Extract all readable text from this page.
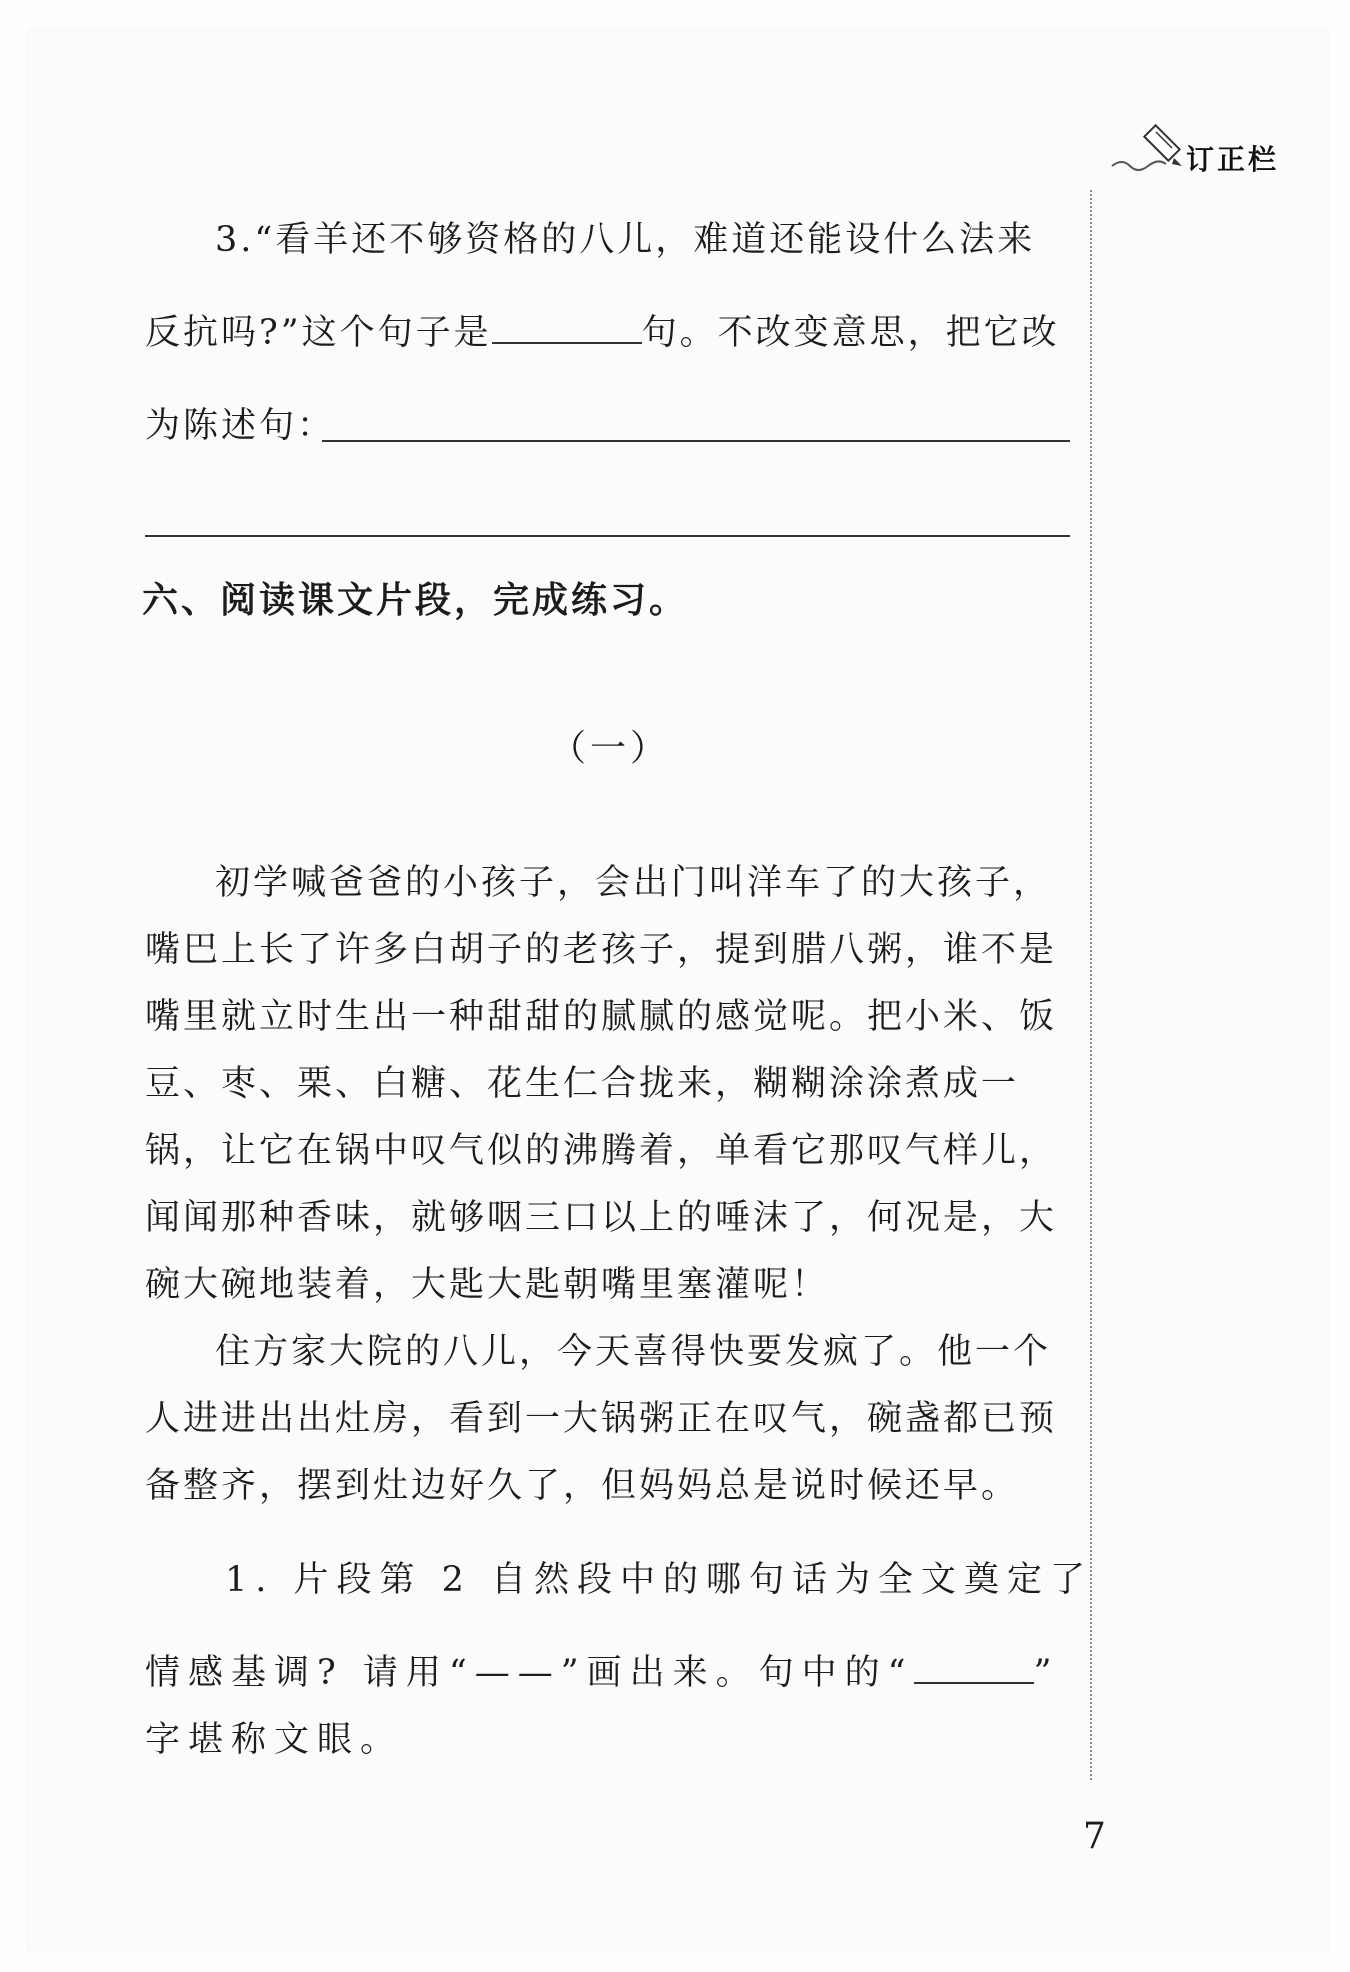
订正栏
3.“看羊还不够资格的八儿，难道还能设什么法来
反抗吗?”这个句子是	句。不改变意思，把它改
为陈述句：
六、阅读课文片段，完成练习。
（一）

初学喊爸爸的小孩子，会出门叫洋车了的大孩子，嘴巴上长了许多白胡子的老孩子，提到腊八粥，谁不是嘴里就立时生出一种甜甜的腻腻的感觉呢。把小米、饭豆、枣、栗、白糖、花生仁合拢来，糊糊涂涂煮成一锅，让它在锅中叹气似的沸腾着，单看它那叹气样儿，闻闻那种香味，就够咽三口以上的唾沫了，何况是，大碗大碗地装着，大匙大匙朝嘴里塞灌呢！

住方家大院的八儿，今天喜得快要发疯了。他一个人进进出出灶房，看到一大锅粥正在叹气，碗盏都已预备整齐，摆到灶边好久了，但妈妈总是说时候还早。

1. 片段第 2 自然段中的哪句话为全文奠定了
情感基调? 请用“——”画出来。句中的“	”
字堪称文眼。
7
